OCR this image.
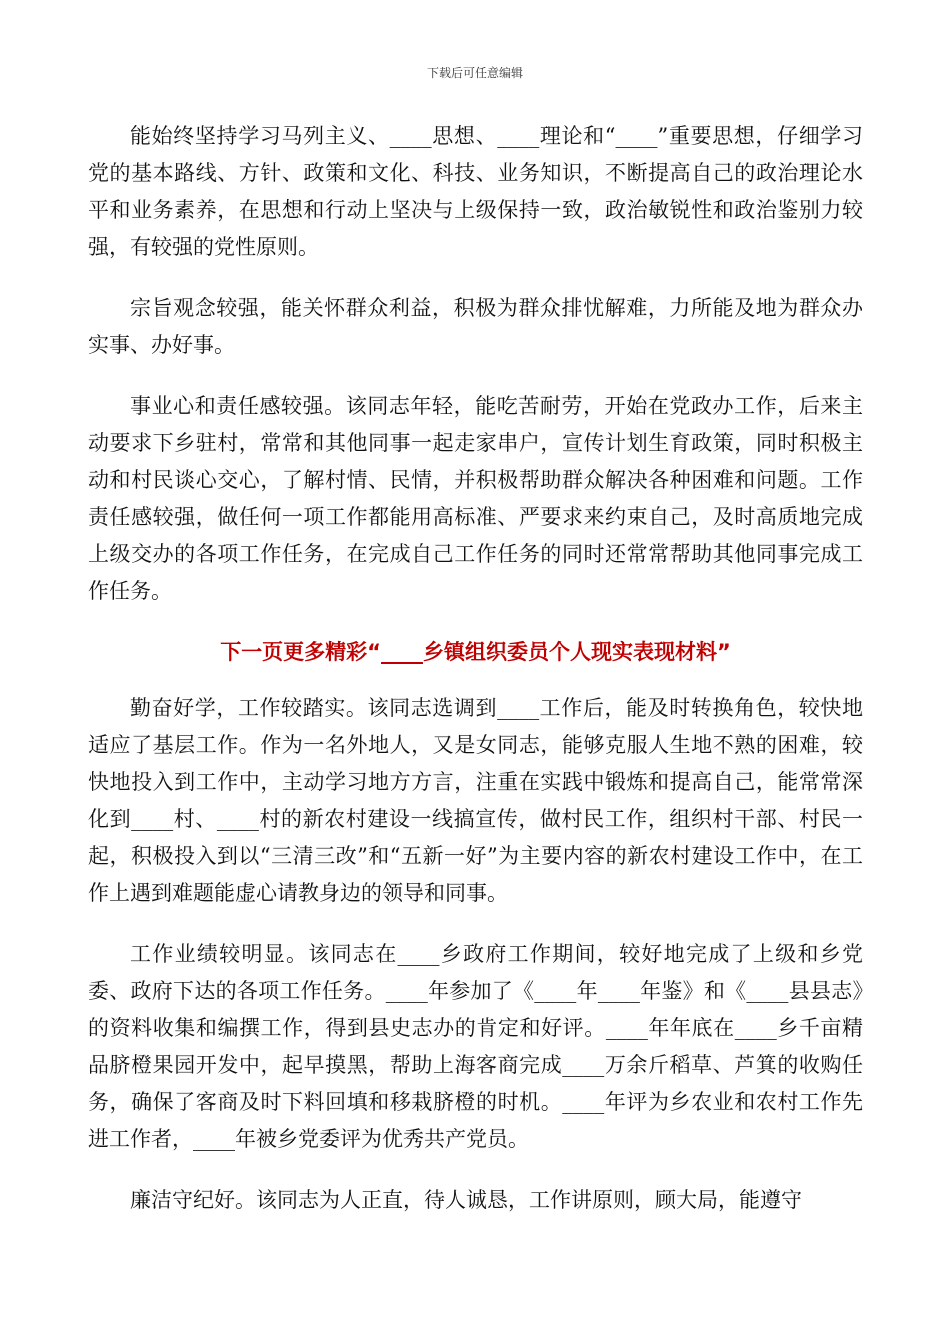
下载后可任意编辑

能始终坚持学习马列主义、____思想、____理论和“____”重要思想，仔细学习党的基本路线、方针、政策和文化、科技、业务知识，不断提高自己的政治理论水平和业务素养，在思想和行动上坚决与上级保持一致，政治敏锐性和政治鉴别力较强，有较强的党性原则。

宗旨观念较强，能关怀群众利益，积极为群众排忧解难，力所能及地为群众办实事、办好事。

事业心和责任感较强。该同志年轻，能吃苦耐劳，开始在党政办工作，后来主动要求下乡驻村，常常和其他同事一起走家串户，宣传计划生育政策，同时积极主动和村民谈心交心，了解村情、民情，并积极帮助群众解决各种困难和问题。工作责任感较强，做任何一项工作都能用高标准、严要求来约束自己，及时高质地完成上级交办的各项工作任务，在完成自己工作任务的同时还常常帮助其他同事完成工作任务。

下一页更多精彩“____乡镇组织委员个人现实表现材料”

勤奋好学，工作较踏实。该同志选调到____工作后，能及时转换角色，较快地适应了基层工作。作为一名外地人，又是女同志，能够克服人生地不熟的困难，较快地投入到工作中，主动学习地方方言，注重在实践中锻炼和提高自己，能常常深化到____村、____村的新农村建设一线搞宣传，做村民工作，组织村干部、村民一起，积极投入到以“三清三改”和“五新一好”为主要内容的新农村建设工作中，在工作上遇到难题能虚心请教身边的领导和同事。

工作业绩较明显。该同志在____乡政府工作期间，较好地完成了上级和乡党委、政府下达的各项工作任务。____年参加了《____年____年鉴》和《____县县志》的资料收集和编撰工作，得到县史志办的肯定和好评。____年年底在____乡千亩精品脐橙果园开发中，起早摸黑，帮助上海客商完成____万余斤稻草、芦箕的收购任务，确保了客商及时下料回填和移栽脐橙的时机。____年评为乡农业和农村工作先进工作者，____年被乡党委评为优秀共产党员。

廉洁守纪好。该同志为人正直，待人诚恳，工作讲原则，顾大局，能遵守
